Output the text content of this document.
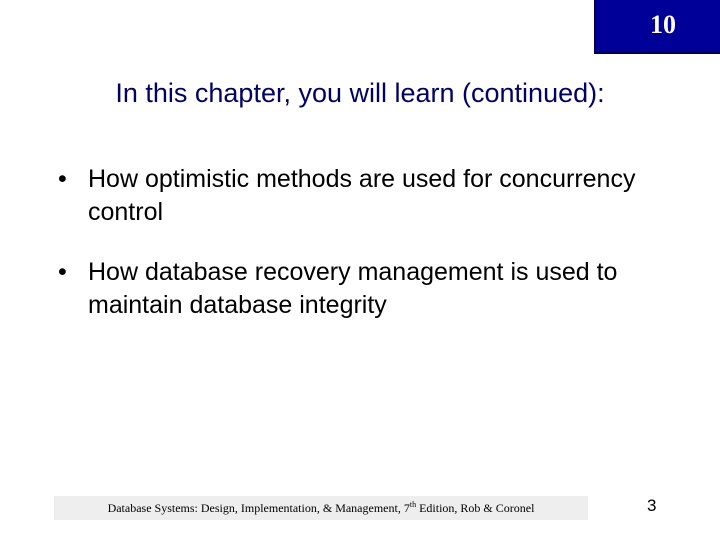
10
In this chapter, you will learn (continued):
• How optimistic methods are used for concurrency control
• How database recovery management is used to maintain database integrity
Database Systems: Design, Implementation, & Management, 7th Edition, Rob & Coronel	3
